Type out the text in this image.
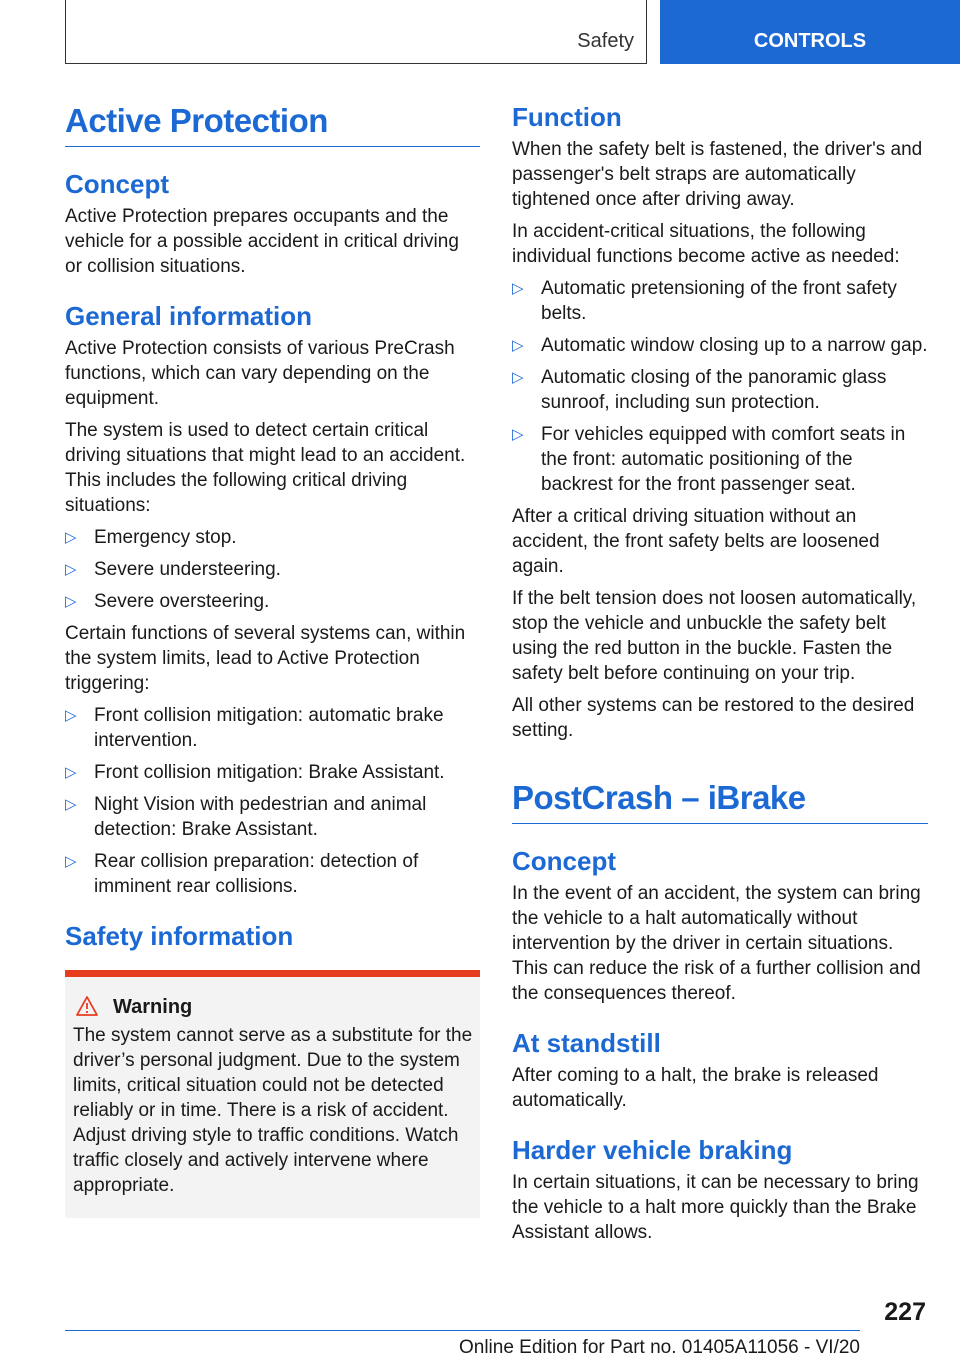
Safety	CONTROLS
Active Protection
Concept

Active Protection prepares occupants and the vehicle for a possible accident in critical driving or collision situations.

General information

Active Protection consists of various PreCrash functions, which can vary depending on the equipment.

The system is used to detect certain critical driving situations that might lead to an accident. This includes the following critical driving situations:

▷ Emergency stop.
▷ Severe understeering.
▷ Severe oversteering.

Certain functions of several systems can, within the system limits, lead to Active Protection triggering:

▷ Front collision mitigation: automatic brake intervention.
▷ Front collision mitigation: Brake Assistant.
▷ Night Vision with pedestrian and animal detection: Brake Assistant.
▷ Rear collision preparation: detection of imminent rear collisions.
Safety information
Warning

The system cannot serve as a substitute for the driver’s personal judgment. Due to the system limits, critical situation could not be detected reliably or in time. There is a risk of accident. Adjust driving style to traffic conditions. Watch traffic closely and actively intervene where appropriate.

Function

When the safety belt is fastened, the driver's and passenger's belt straps are automatically tightened once after driving away.

In accident-critical situations, the following individual functions become active as needed:

▷ Automatic pretensioning of the front safety belts.
▷ Automatic window closing up to a narrow gap.
▷ Automatic closing of the panoramic glass sunroof, including sun protection.
▷ For vehicles equipped with comfort seats in the front: automatic positioning of the backrest for the front passenger seat.

After a critical driving situation without an accident, the front safety belts are loosened again.

If the belt tension does not loosen automatically, stop the vehicle and unbuckle the safety belt using the red button in the buckle. Fasten the safety belt before continuing on your trip.

All other systems can be restored to the desired setting.

PostCrash – iBrake
Concept

In the event of an accident, the system can bring the vehicle to a halt automatically without intervention by the driver in certain situations. This can reduce the risk of a further collision and the consequences thereof.

At standstill

After coming to a halt, the brake is released automatically.

Harder vehicle braking

In certain situations, it can be necessary to bring the vehicle to a halt more quickly than the Brake Assistant allows.

227
Online Edition for Part no. 01405A11056 - VI/20
